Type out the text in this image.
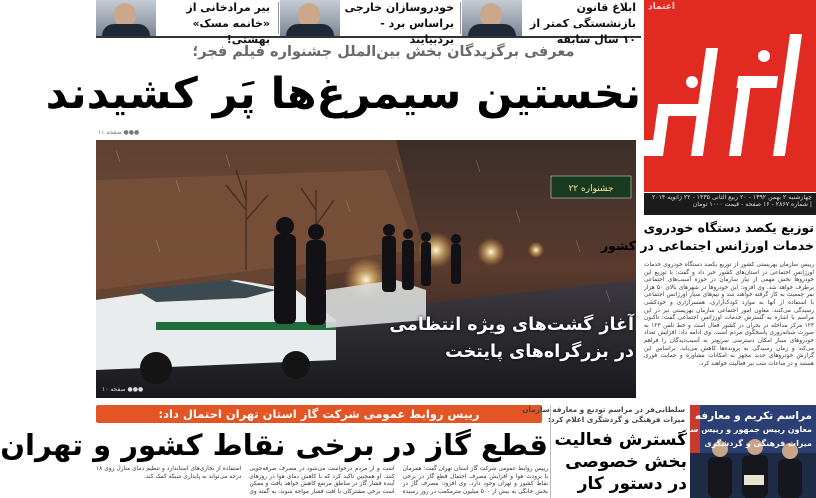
بیر مرادخانی از «خانمه مسک» بهشتی!
خودروسازان خارجی براساس برد - بردبیایند
ابلاغ قانون بازنشستگی کمتر از ۱۰ سال سابقه
اعتماد
چهارشنبه ۲ بهمن ۱۳۹۲ - ۲۰ ربیع الثانی ۱۴۳۵ - ۲۲ ژانویه ۲۰۱۴ | شماره ۲۸۶۷ - ۱۶ صفحه - قیمت ۱۰۰۰ تومان
معرفی برگزیدگان بخش بین‌الملل جشنواره فیلم فجر؛
نخستین سیمرغ‌ها پَر کشیدند
●●● صفحه ۱۱
جشنواره ۲۲
آغاز گشت‌های ویژه انتظامی
در بزرگراه‌های پایتخت
●●● صفحه ۱۰
توزیع یکصد دستگاه خودروی
خدمات اورژانس اجتماعی در کشور
رییس سازمان بهزیستی کشور از توزیع یکصد دستگاه خودروی خدمات اورژانس اجتماعی در استان‌های کشور خبر داد و گفت: با توزیع این خودروها بخش مهمی از نیاز سازمان در حوزه آسیب‌های اجتماعی برطرف خواهد شد. وی افزود: این خودروها در شهرهای بالای ۵۰ هزار نفر جمعیت به کار گرفته خواهند شد و تیم‌های سیار اورژانس اجتماعی با استفاده از آنها به موارد کودک‌آزاری، همسرآزاری و خودکشی رسیدگی می‌کنند. معاون امور اجتماعی سازمان بهزیستی نیز در این مراسم با اشاره به گسترش خدمات اورژانس اجتماعی گفت: تاکنون ۱۲۳ مرکز مداخله در بحران در کشور فعال است و خط تلفن ۱۲۳ به صورت شبانه‌روزی پاسخگوی مردم است. وی ادامه داد: افزایش تعداد خودروهای سیار امکان دسترسی سریع‌تر به آسیب‌دیدگان را فراهم می‌کند و زمان رسیدگی به پرونده‌ها کاهش می‌یابد. براساس این گزارش خودروهای جدید مجهز به امکانات مشاوره و حمایت فوری هستند و در ساعات شب نیز فعالیت خواهند کرد.
رییس روابط عمومی شرکت گاز استان تهران احتمال داد:
قطع گاز در برخی نقاط کشور و تهران
رییس روابط عمومی شرکت گاز استان تهران گفت: همزمان با برودت هوا و افزایش مصرف احتمال قطع گاز در برخی نقاط کشور و تهران وجود دارد. وی افزود: مصرف گاز در بخش خانگی به بیش از ۵۰۰ میلیون مترمکعب در روز رسیده است و از مردم درخواست می‌شود در مصرف صرفه‌جویی کنند. او همچنین تاکید کرد که با کاهش دمای هوا در روزهای آینده فشار گاز در مناطق مرتفع کاهش خواهد یافت و ممکن است برخی مشترکان با افت فشار مواجه شوند. به گفته وی استفاده از بخاری‌های استاندارد و تنظیم دمای منازل روی ۱۸ درجه می‌تواند به پایداری شبکه کمک کند.
سلطانی‌فر در مراسم تودیع و معارفه سازمان
میراث فرهنگی و گردشگری اعلام کرد:
گسترش فعالیت
بخش خصوصی
در دستور کار
مراسم تکریم و معارفه
معاون رییس جمهور و رییس سازمان
میراث فرهنگی و گردشگری
